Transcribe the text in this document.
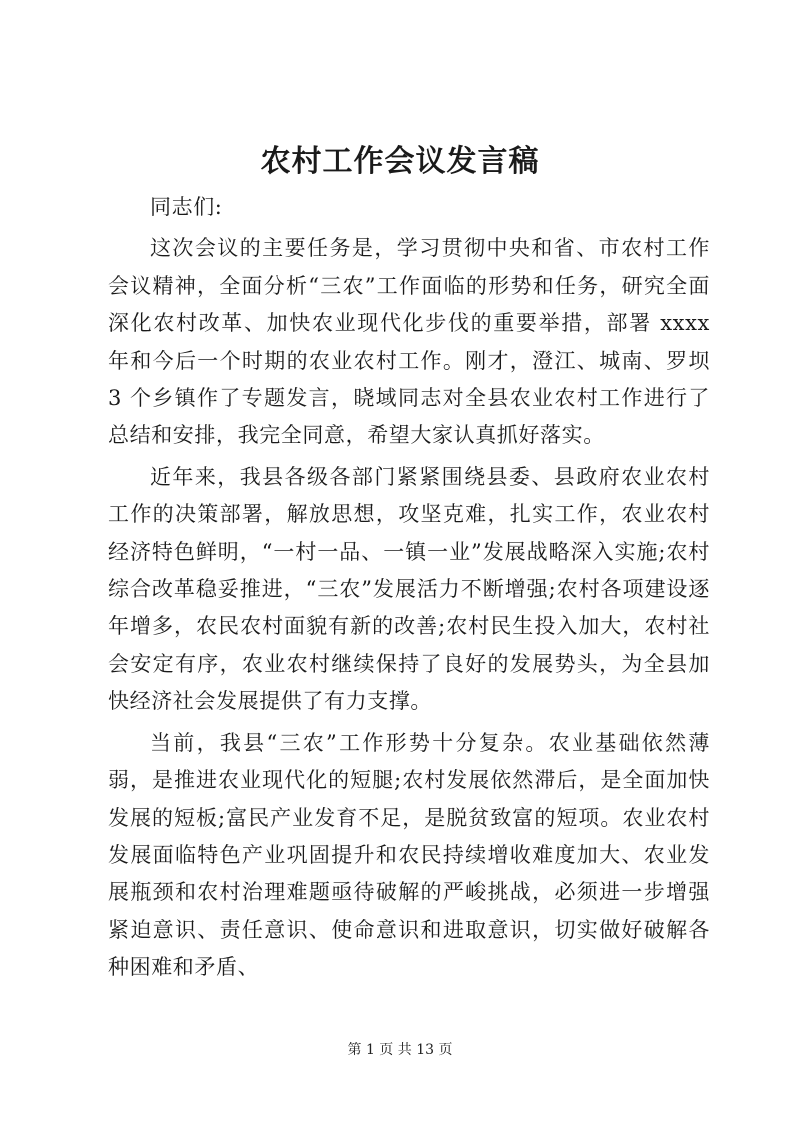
农村工作会议发言稿

同志们:

这次会议的主要任务是，学习贯彻中央和省、市农村工作会议精神，全面分析“三农”工作面临的形势和任务，研究全面深化农村改革、加快农业现代化步伐的重要举措，部署 xxxx 年和今后一个时期的农业农村工作。刚才，澄江、城南、罗坝 3 个乡镇作了专题发言，晓域同志对全县农业农村工作进行了总结和安排，我完全同意，希望大家认真抓好落实。

近年来，我县各级各部门紧紧围绕县委、县政府农业农村工作的决策部署，解放思想，攻坚克难，扎实工作，农业农村经济特色鲜明，“一村一品、一镇一业”发展战略深入实施;农村综合改革稳妥推进，“三农”发展活力不断增强;农村各项建设逐年增多，农民农村面貌有新的改善;农村民生投入加大，农村社会安定有序，农业农村继续保持了良好的发展势头，为全县加快经济社会发展提供了有力支撑。

当前，我县“三农”工作形势十分复杂。农业基础依然薄弱，是推进农业现代化的短腿;农村发展依然滞后，是全面加快发展的短板;富民产业发育不足，是脱贫致富的短项。农业农村发展面临特色产业巩固提升和农民持续增收难度加大、农业发展瓶颈和农村治理难题亟待破解的严峻挑战，必须进一步增强紧迫意识、责任意识、使命意识和进取意识，切实做好破解各种困难和矛盾、

第 1 页 共 13 页
